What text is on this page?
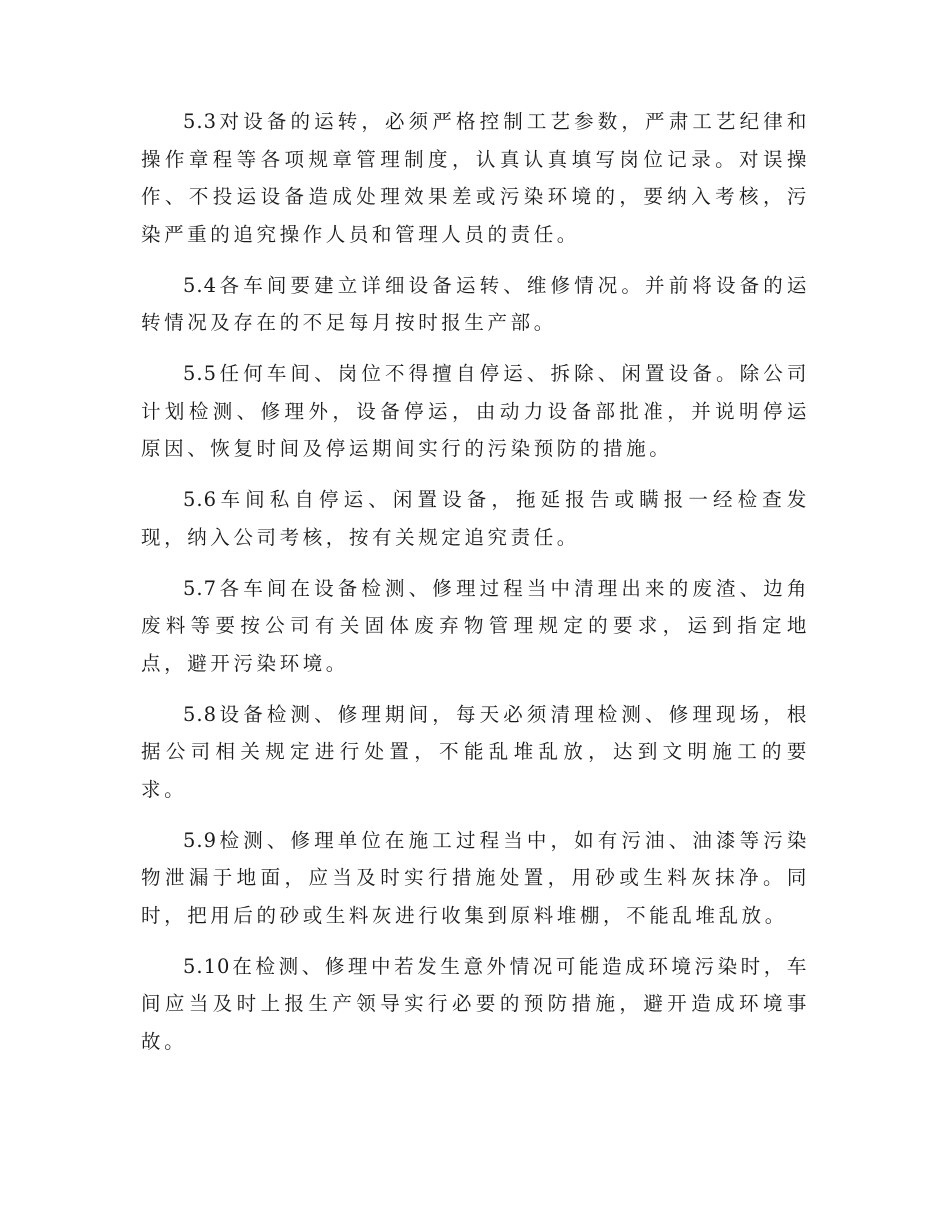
5.3 对设备的运转，必须严格控制工艺参数，严肃工艺纪律和操作章程等各项规章管理制度，认真认真填写岗位记录。对误操作、不投运设备造成处理效果差或污染环境的，要纳入考核，污染严重的追究操作人员和管理人员的责任。

5.4 各车间要建立详细设备运转、维修情况。并前将设备的运转情况及存在的不足每月按时报生产部。

5.5 任何车间、岗位不得擅自停运、拆除、闲置设备。除公司计划检测、修理外，设备停运，由动力设备部批准，并说明停运原因、恢复时间及停运期间实行的污染预防的措施。

5.6 车间私自停运、闲置设备，拖延报告或瞒报一经检查发现，纳入公司考核，按有关规定追究责任。

5.7 各车间在设备检测、修理过程当中清理出来的废渣、边角废料等要按公司有关固体废弃物管理规定的要求，运到指定地点，避开污染环境。

5.8 设备检测、修理期间，每天必须清理检测、修理现场，根据公司相关规定进行处置，不能乱堆乱放，达到文明施工的要求。

5.9 检测、修理单位在施工过程当中，如有污油、油漆等污染物泄漏于地面，应当及时实行措施处置，用砂或生料灰抹净。同时，把用后的砂或生料灰进行收集到原料堆棚，不能乱堆乱放。

5.10 在检测、修理中若发生意外情况可能造成环境污染时，车间应当及时上报生产领导实行必要的预防措施，避开造成环境事故。
